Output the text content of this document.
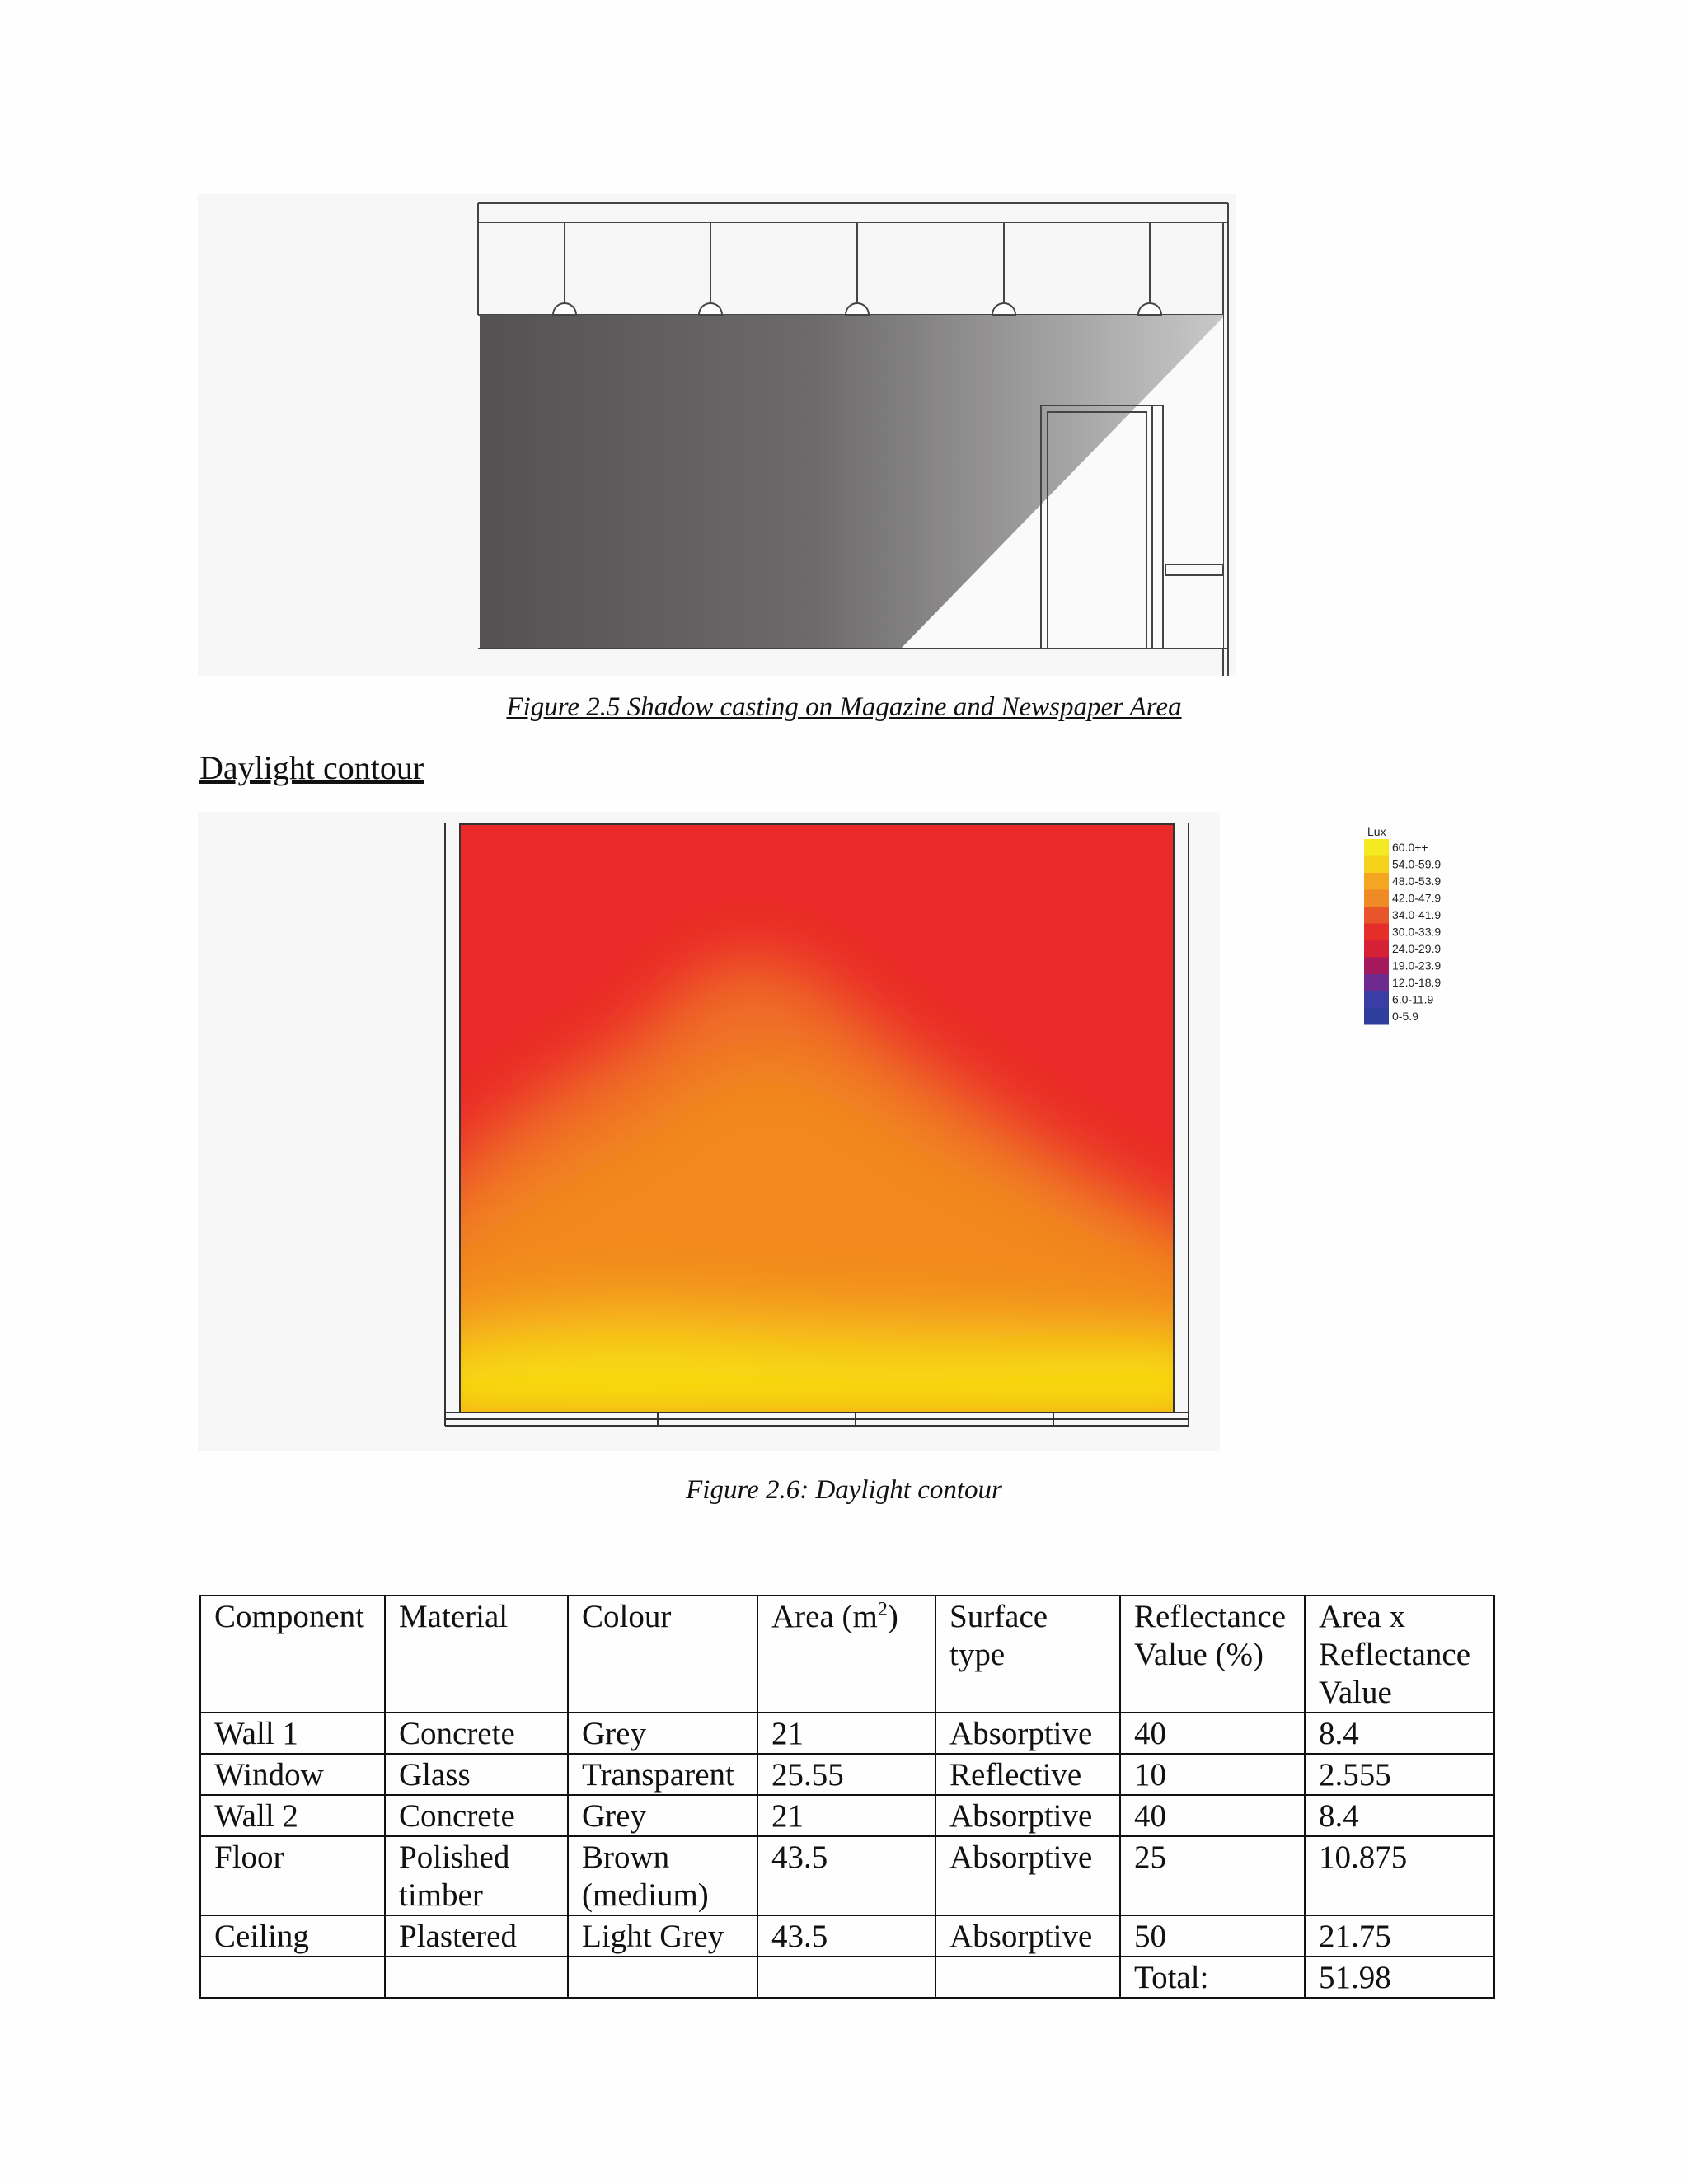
Figure 2.5 Shadow casting on Magazine and Newspaper Area
Daylight contour
Lux
60.0++
54.0-59.9
48.0-53.9
42.0-47.9
34.0-41.9
30.0-33.9
24.0-29.9
19.0-23.9
12.0-18.9
6.0-11.9
0-5.9
Figure 2.6: Daylight contour
Component	Material	Colour	Area $(m^2)$	Surface type	Reflectance Value (%)	Area x Reflectance Value
Wall 1	Concrete	Grey	21	Absorptive	40	8.4
Window	Glass	Transparent	25.55	Reflective	10	2.555
Wall 2	Concrete	Grey	21	Absorptive	40	8.4
Floor	Polished timber	Brown (medium)	43.5	Absorptive	25	10.875
Ceiling	Plastered	Light Grey	43.5	Absorptive	50	21.75
					Total:	51.98
